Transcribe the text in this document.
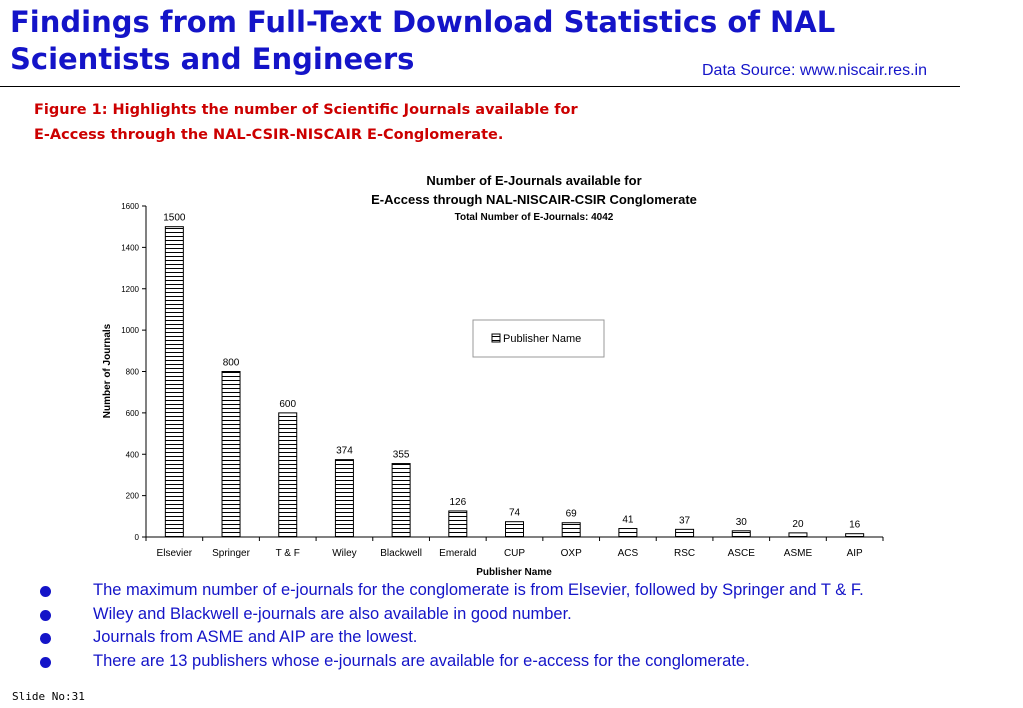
Findings from Full-Text Download Statistics of NAL Scientists and Engineers	Data Source: www.niscair.res.in
Figure 1: Highlights the number of Scientific Journals available for
E-Access through the NAL-CSIR-NISCAIR E-Conglomerate.
Number of E-Journals available for
E-Access through NAL-NISCAIR-CSIR Conglomerate
Total Number of E-Journals: 4042
0
200
400
600
800
1000
1200
1400
1600
1500
800
600
374	355
126
74	69
41	37	30	20	16
Elsevier Springer	T & F	Wiley Blackwell Emerald	CUP	OXP	ACS	RSC	ASCE	ASME	AIP
Number of Journals
Publisher Name
Publisher Name
The maximum number of e-journals for the conglomerate is from Elsevier, followed by Springer and T & F.
Wiley and Blackwell e-journals are also available in good number.
Journals from ASME and AIP are the lowest.
There are 13 publishers whose e-journals are available for e-access for the conglomerate.
Slide No:31
